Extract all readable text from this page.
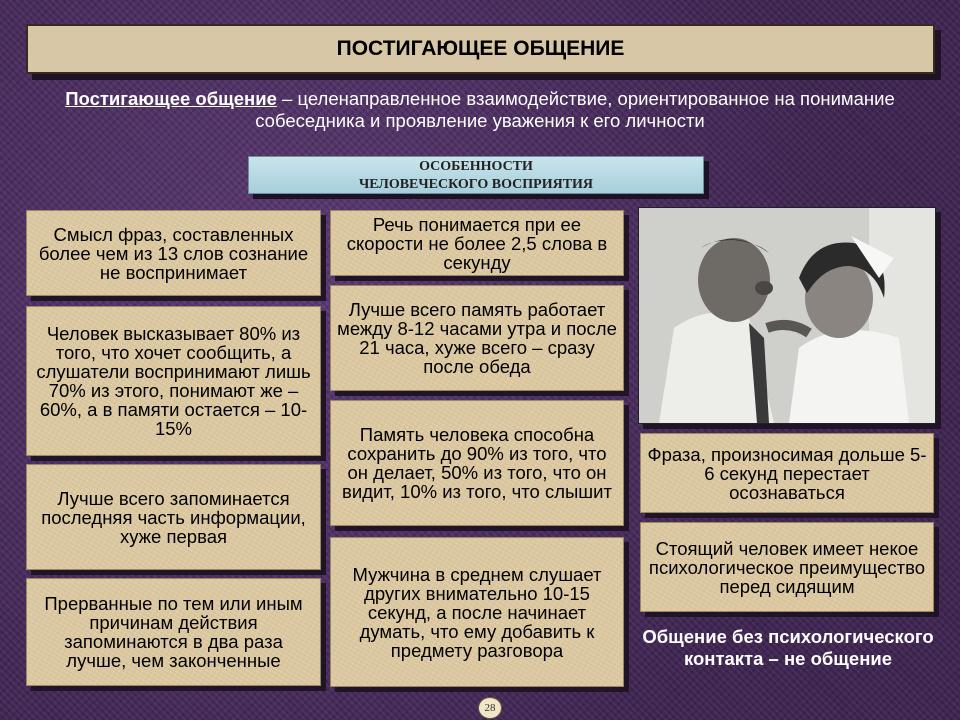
ПОСТИГАЮЩЕЕ ОБЩЕНИЕ
Постигающее общение – целенаправленное взаимодействие, ориентированное на понимание собеседника и проявление уважения к его личности
ОСОБЕННОСТИ
ЧЕЛОВЕЧЕСКОГО ВОСПРИЯТИЯ
Смысл фраз, составленных более чем из 13 слов сознание не воспринимает
Человек высказывает 80% из того, что хочет сообщить, а слушатели воспринимают лишь 70% из этого, понимают же – 60%, а в памяти остается – 10-15%
Лучше всего запоминается последняя часть информации, хуже первая
Прерванные по тем или иным причинам действия запоминаются в два раза лучше, чем законченные
Речь понимается при ее скорости не более 2,5 слова в секунду
Лучше всего память работает между 8-12 часами утра и после 21 часа, хуже всего – сразу после обеда
Память человека способна сохранить до 90% из того, что он делает, 50% из того, что он видит, 10% из того, что слышит
Мужчина в среднем слушает других внимательно 10-15 секунд, а после начинает думать, что ему добавить к предмету разговора
Фраза, произносимая дольше 5-6 секунд перестает осознаваться
Стоящий человек имеет некое психологическое преимущество перед сидящим
Общение без психологического контакта – не общение
28
